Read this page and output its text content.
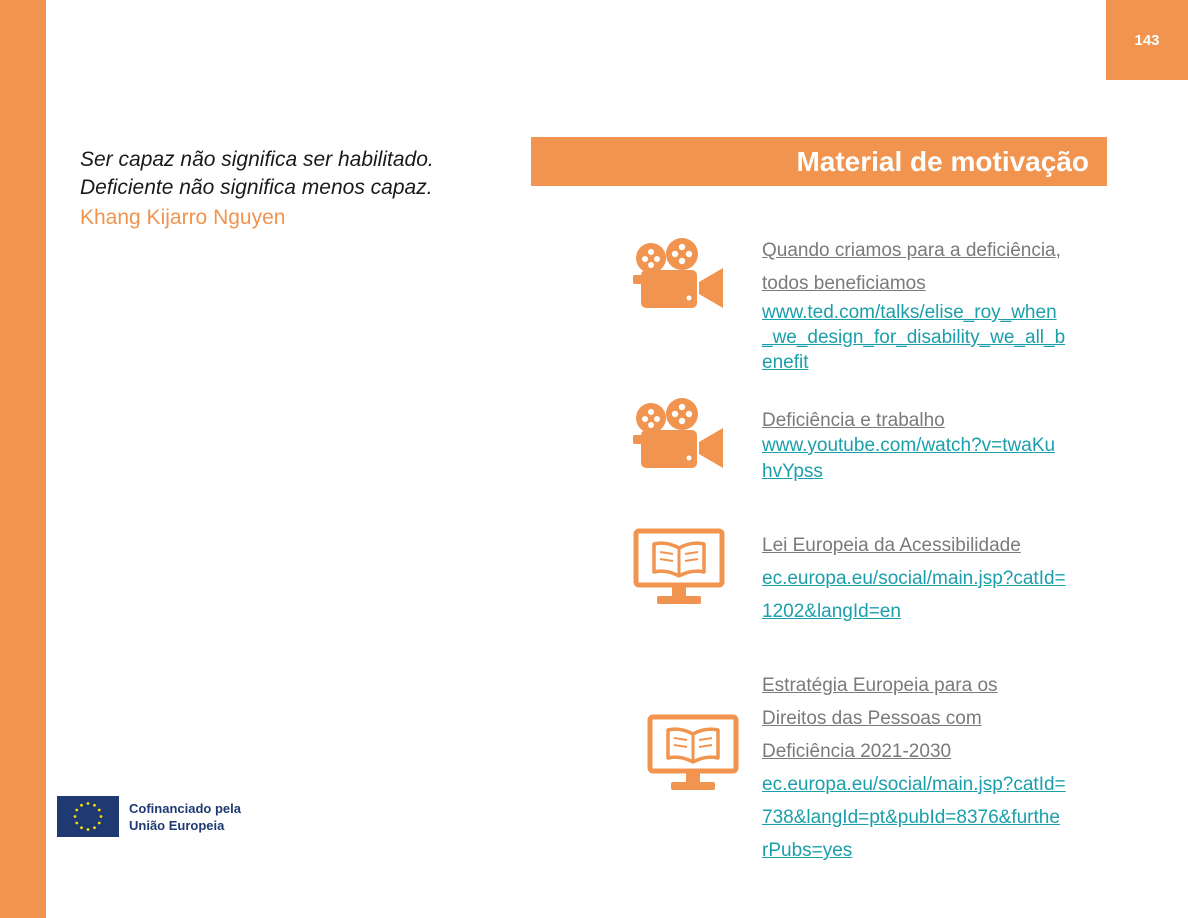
143
Ser capaz não significa ser habilitado.
Deficiente não significa menos capaz.
Khang Kijarro Nguyen
Material de motivação
Quando criamos para a deficiência,
todos beneficiamos
www.ted.com/talks/elise_roy_when
_we_design_for_disability_we_all_b
enefit
Deficiência e trabalho
www.youtube.com/watch?v=twaKu
hvYpss
Lei Europeia da Acessibilidade
ec.europa.eu/social/main.jsp?catId=
1202&langId=en
Estratégia Europeia para os
Direitos das Pessoas com
Deficiência 2021-2030
ec.europa.eu/social/main.jsp?catId=
738&langId=pt&pubId=8376&furthe
rPubs=yes
Cofinanciado pela
União Europeia
